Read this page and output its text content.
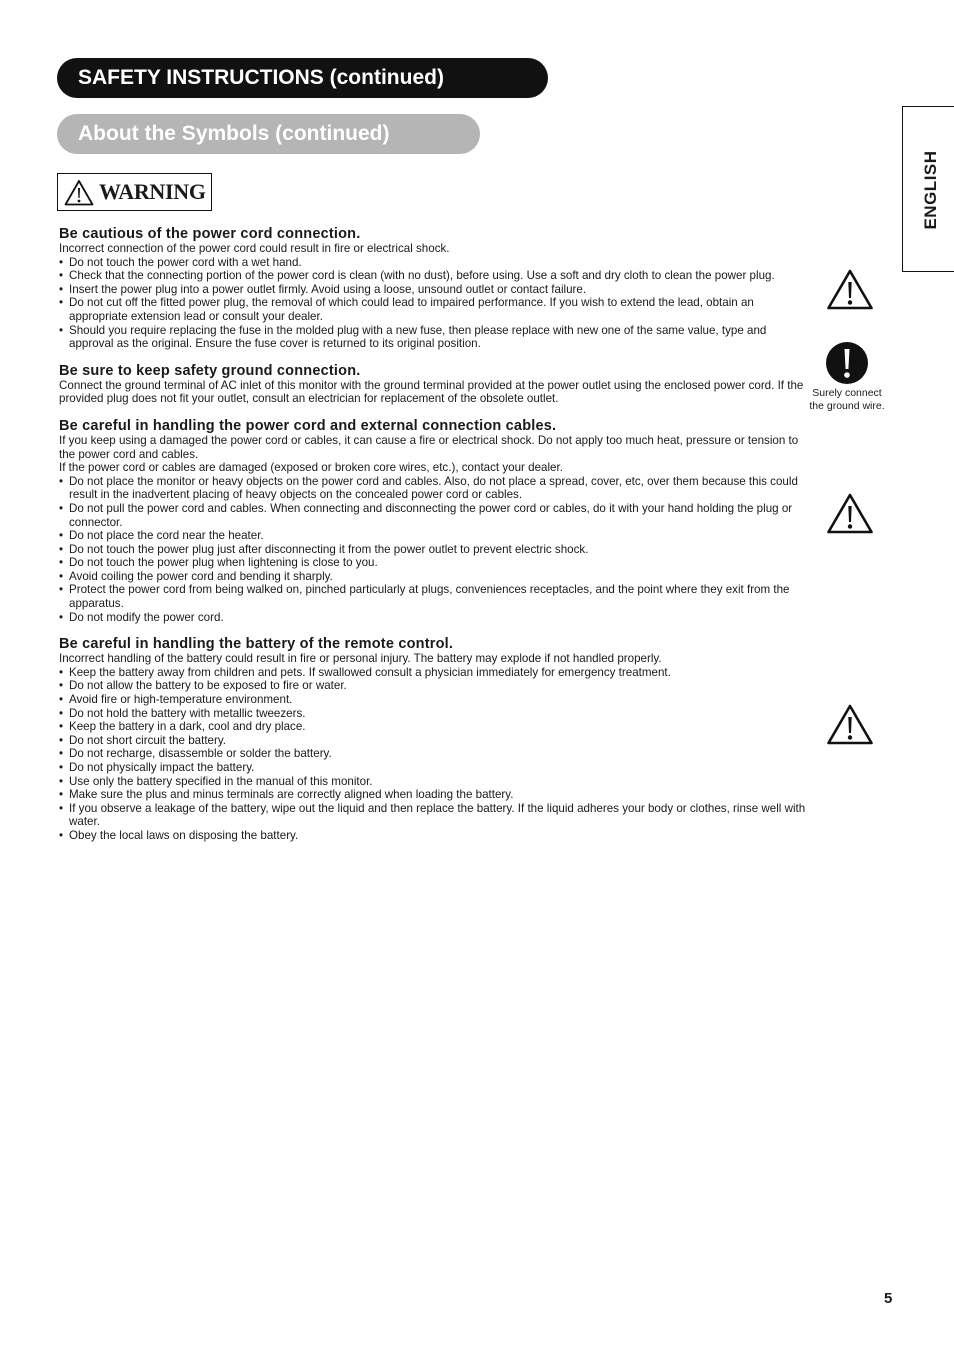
SAFETY INSTRUCTIONS (continued)
About the Symbols (continued)
WARNING	ENGLISH
Be cautious of the power cord connection.

Incorrect connection of the power cord could result in fire or electrical shock.

• Do not touch the power cord with a wet hand.
• Check that the connecting portion of the power cord is clean (with no dust), before using. Use a soft and dry cloth to clean the power plug.
• Insert the power plug into a power outlet firmly. Avoid using a loose, unsound outlet or contact failure.
• Do not cut off the fitted power plug, the removal of which could lead to impaired performance. If you wish to extend the lead, obtain an appropriate extension lead or consult your dealer.
• Should you require replacing the fuse in the molded plug with a new fuse, then please replace with new one of the same value, type and approval as the original. Ensure the fuse cover is returned to its original position.
Be sure to keep safety ground connection.

Connect the ground terminal of AC inlet of this monitor with the ground terminal provided at the power outlet using the enclosed power cord. If the provided plug does not fit your outlet, consult an electrician for replacement of the obsolete outlet.

Be careful in handling the power cord and external connection cables.

If you keep using a damaged the power cord or cables, it can cause a fire or electrical shock. Do not apply too much heat, pressure or tension to the power cord and cables.

If the power cord or cables are damaged (exposed or broken core wires, etc.), contact your dealer.

• Do not place the monitor or heavy objects on the power cord and cables. Also, do not place a spread, cover, etc, over them because this could result in the inadvertent placing of heavy objects on the concealed power cord or cables.
• Do not pull the power cord and cables. When connecting and disconnecting the power cord or cables, do it with your hand holding the plug or connector.
• Do not place the cord near the heater.
• Do not touch the power plug just after disconnecting it from the power outlet to prevent electric shock.
• Do not touch the power plug when lightening is close to you.
• Avoid coiling the power cord and bending it sharply.
• Protect the power cord from being walked on, pinched particularly at plugs, conveniences receptacles, and the point where they exit from the apparatus.
• Do not modify the power cord.
Be careful in handling the battery of the remote control.

Incorrect handling of the battery could result in fire or personal injury. The battery may explode if not handled properly.

• Keep the battery away from children and pets. If swallowed consult a physician immediately for emergency treatment.
• Do not allow the battery to be exposed to fire or water.
• Avoid fire or high-temperature environment.
• Do not hold the battery with metallic tweezers.
• Keep the battery in a dark, cool and dry place.
• Do not short circuit the battery.
• Do not recharge, disassemble or solder the battery.
• Do not physically impact the battery.
• Use only the battery specified in the manual of this monitor.
• Make sure the plus and minus terminals are correctly aligned when loading the battery.
• If you observe a leakage of the battery, wipe out the liquid and then replace the battery. If the liquid adheres your body or clothes, rinse well with water.
• Obey the local laws on disposing the battery.
Surely connect
the ground wire.
5
